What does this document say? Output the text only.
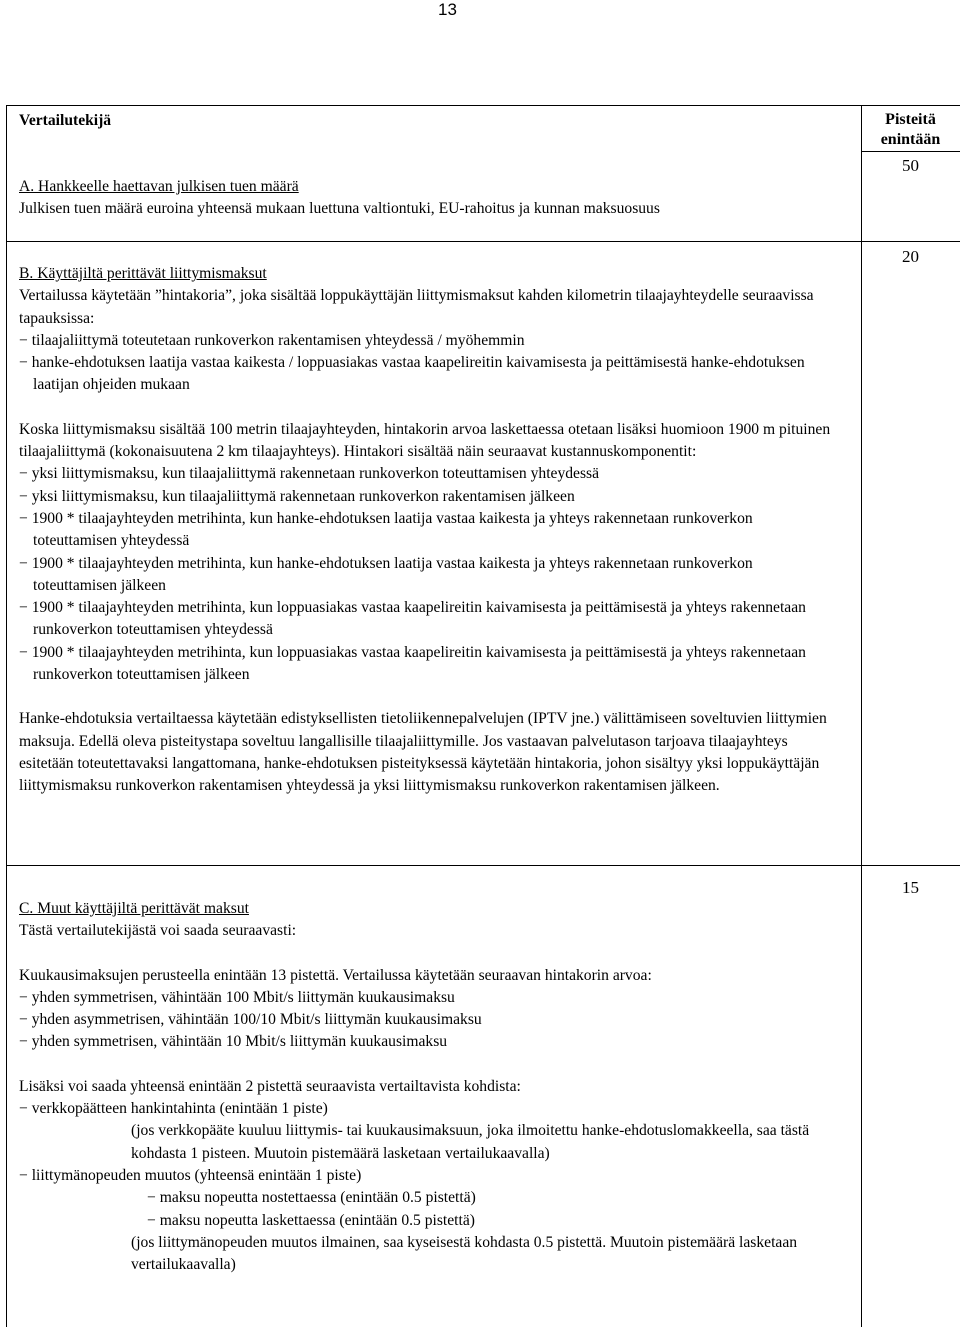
13
Vertailutekijä	Pisteitä
enintään

A. Hankkeelle haettavan julkisen tuen määrä

Julkisen tuen määrä euroina yhteensä mukaan luettuna valtiontuki, EU-rahoitus ja kunnan maksuosuus

50

B. Käyttäjiltä perittävät liittymismaksut

Vertailussa käytetään ”hintakoria”, joka sisältää loppukäyttäjän liittymismaksut kahden kilometrin tilaajayhteydelle seuraavissa tapauksissa:

− tilaajaliittymä toteutetaan runkoverkon rakentamisen yhteydessä / myöhemmin
− hanke-ehdotuksen laatija vastaa kaikesta / loppuasiakas vastaa kaapelireitin kaivamisesta ja peittämisestä hanke-ehdotuksen laatijan ohjeiden mukaan

Koska liittymismaksu sisältää 100 metrin tilaajayhteyden, hintakorin arvoa laskettaessa otetaan lisäksi huomioon 1900 m pituinen tilaajaliittymä (kokonaisuutena 2 km tilaajayhteys). Hintakori sisältää näin seuraavat kustannuskomponentit:

− yksi liittymismaksu, kun tilaajaliittymä rakennetaan runkoverkon toteuttamisen yhteydessä
− yksi liittymismaksu, kun tilaajaliittymä rakennetaan runkoverkon rakentamisen jälkeen
− 1900 * tilaajayhteyden metrihinta, kun hanke-ehdotuksen laatija vastaa kaikesta ja yhteys rakennetaan runkoverkon toteuttamisen yhteydessä
− 1900 * tilaajayhteyden metrihinta, kun hanke-ehdotuksen laatija vastaa kaikesta ja yhteys rakennetaan runkoverkon toteuttamisen jälkeen
− 1900 * tilaajayhteyden metrihinta, kun loppuasiakas vastaa kaapelireitin kaivamisesta ja peittämisestä ja yhteys rakennetaan runkoverkon toteuttamisen yhteydessä
− 1900 * tilaajayhteyden metrihinta, kun loppuasiakas vastaa kaapelireitin kaivamisesta ja peittämisestä ja yhteys rakennetaan runkoverkon toteuttamisen jälkeen

Hanke-ehdotuksia vertailtaessa käytetään edistyksellisten tietoliikennepalvelujen (IPTV jne.) välittämiseen soveltuvien liittymien maksuja. Edellä oleva pisteitystapa soveltuu langallisille tilaajaliittymille. Jos vastaavan palvelutason tarjoava tilaajayhteys esitetään toteutettavaksi langattomana, hanke-ehdotuksen pisteityksessä käytetään hintakoria, johon sisältyy yksi loppukäyttäjän liittymismaksu runkoverkon rakentamisen yhteydessä ja yksi liittymismaksu runkoverkon rakentamisen jälkeen.

20

C. Muut käyttäjiltä perittävät maksut

Tästä vertailutekijästä voi saada seuraavasti:

Kuukausimaksujen perusteella enintään 13 pistettä. Vertailussa käytetään seuraavan hintakorin arvoa:

− yhden symmetrisen, vähintään 100 Mbit/s liittymän kuukausimaksu
− yhden asymmetrisen, vähintään 100/10 Mbit/s liittymän kuukausimaksu
− yhden symmetrisen, vähintään 10 Mbit/s liittymän kuukausimaksu

Lisäksi voi saada yhteensä enintään 2 pistettä seuraavista vertailtavista kohdista:

− verkkopäätteen hankintahinta (enintään 1 piste)
(jos verkkopääte kuuluu liittymis- tai kuukausimaksuun, joka ilmoitettu hanke-ehdotuslomakkeella, saa tästä kohdasta 1 pisteen. Muutoin pistemäärä lasketaan vertailukaavalla)
− liittymänopeuden muutos (yhteensä enintään 1 piste)
− maksu nopeutta nostettaessa (enintään 0.5 pistettä)
− maksu nopeutta laskettaessa (enintään 0.5 pistettä)
(jos liittymänopeuden muutos ilmainen, saa kyseisestä kohdasta 0.5 pistettä. Muutoin pistemäärä lasketaan vertailukaavalla)
15
